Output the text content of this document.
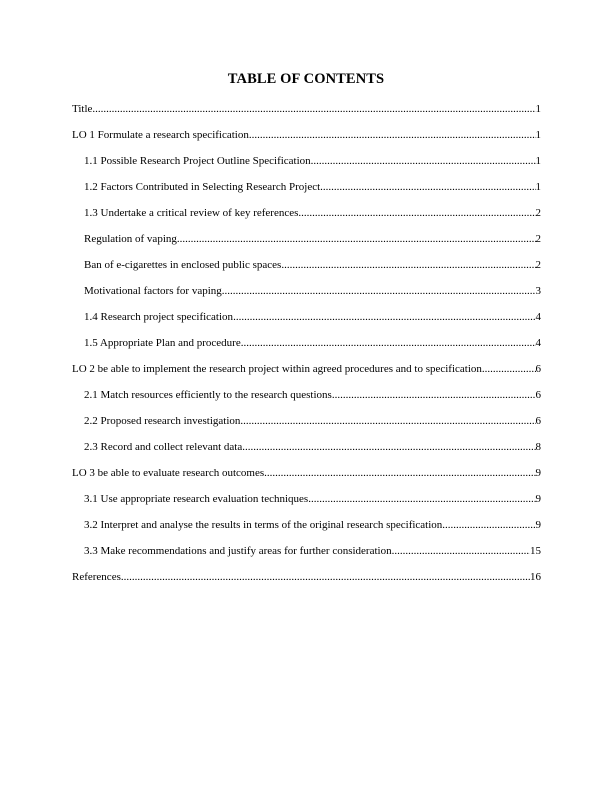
TABLE OF CONTENTS
Title .....	1
LO 1 Formulate a research specification .....	1
1.1 Possible Research Project Outline Specification .....	1
1.2 Factors Contributed in Selecting Research Project .....	1
1.3 Undertake a critical review of key references .....	2
Regulation of vaping .....	2
Ban of e-cigarettes in enclosed public spaces .....	2
Motivational factors for vaping .....	3
1.4 Research project specification .....	4
1.5 Appropriate Plan and procedure .....	4
LO 2 be able to implement the research project within agreed procedures and to specification .....	6
2.1 Match resources efficiently to the research questions .....	6
2.2 Proposed research investigation .....	6
2.3 Record and collect relevant data .....	8
LO 3 be able to evaluate research outcomes .....	9
3.1 Use appropriate research evaluation techniques .....	9
3.2 Interpret and analyse the results in terms of the original research specification .....	9
3.3 Make recommendations and justify areas for further consideration .....	15
References .....	16
